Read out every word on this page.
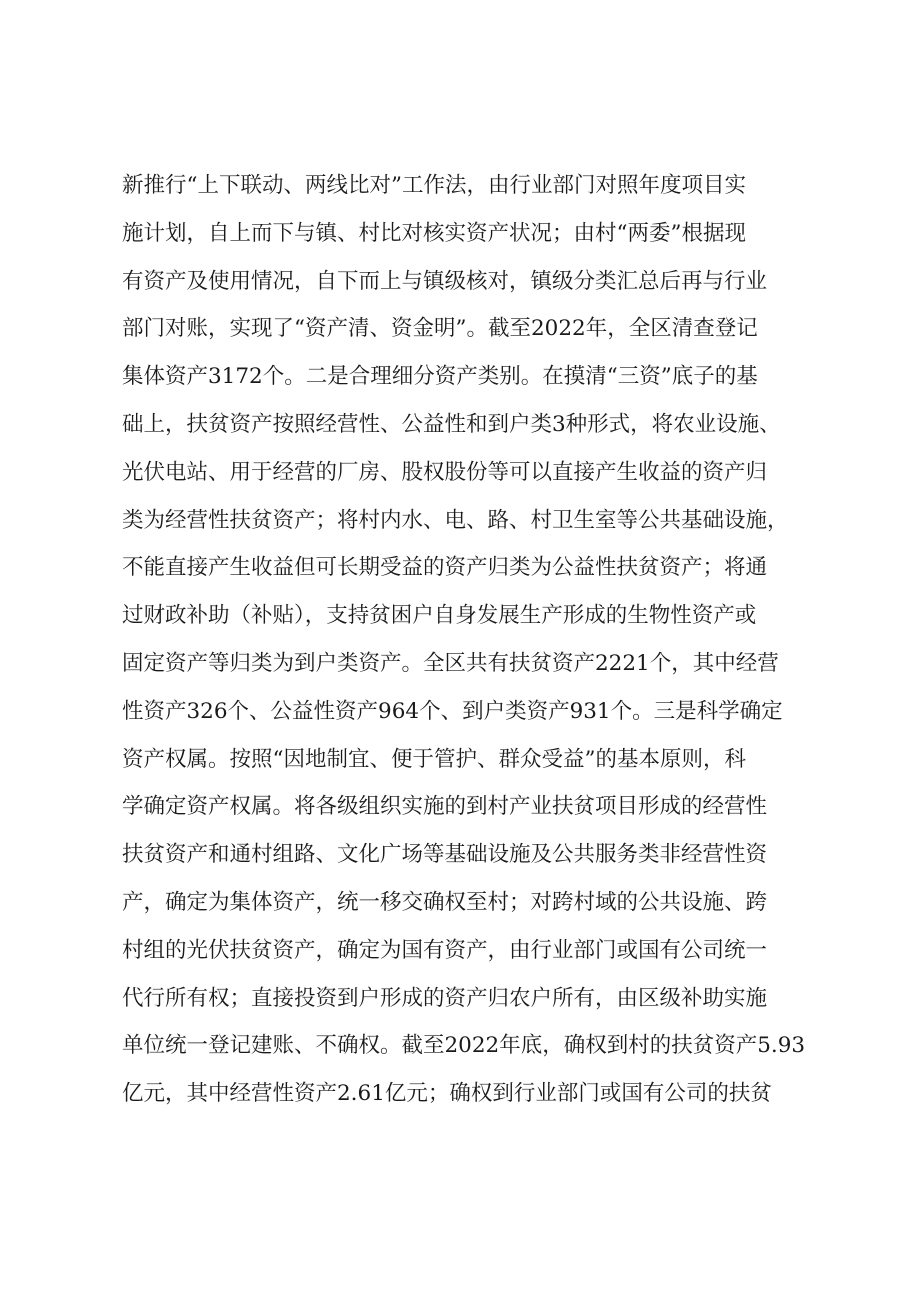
新推行“上下联动、两线比对”工作法，由行业部门对照年度项目实
施计划，自上而下与镇、村比对核实资产状况；由村“两委”根据现
有资产及使用情况，自下而上与镇级核对，镇级分类汇总后再与行业
部门对账，实现了“资产清、资金明”。截至2022年，全区清查登记
集体资产3172个。二是合理细分资产类别。在摸清“三资”底子的基
础上，扶贫资产按照经营性、公益性和到户类3种形式，将农业设施、
光伏电站、用于经营的厂房、股权股份等可以直接产生收益的资产归
类为经营性扶贫资产；将村内水、电、路、村卫生室等公共基础设施，
不能直接产生收益但可长期受益的资产归类为公益性扶贫资产；将通
过财政补助（补贴），支持贫困户自身发展生产形成的生物性资产或
固定资产等归类为到户类资产。全区共有扶贫资产2221个，其中经营
性资产326个、公益性资产964个、到户类资产931个。三是科学确定
资产权属。按照“因地制宜、便于管护、群众受益”的基本原则，科
学确定资产权属。将各级组织实施的到村产业扶贫项目形成的经营性
扶贫资产和通村组路、文化广场等基础设施及公共服务类非经营性资
产，确定为集体资产，统一移交确权至村；对跨村域的公共设施、跨
村组的光伏扶贫资产，确定为国有资产，由行业部门或国有公司统一
代行所有权；直接投资到户形成的资产归农户所有，由区级补助实施
单位统一登记建账、不确权。截至2022年底，确权到村的扶贫资产5.93
亿元，其中经营性资产2.61亿元；确权到行业部门或国有公司的扶贫
